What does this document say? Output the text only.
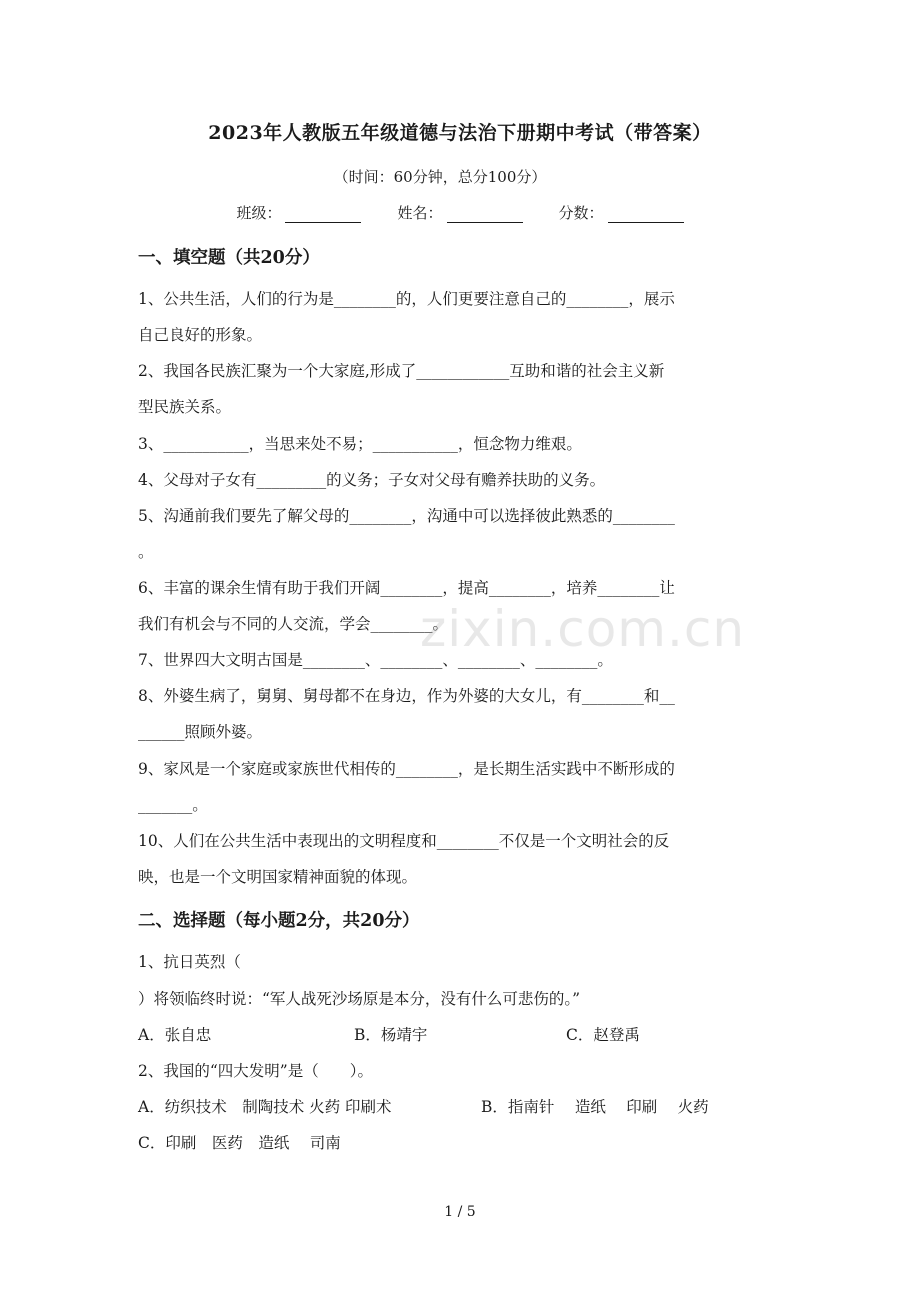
2023年人教版五年级道德与法治下册期中考试（带答案）
（时间：60分钟，总分100分）
班级：	姓名：	分数：
一、填空题（共20分）
1、公共生活，人们的行为是________的，人们更要注意自己的________，展示
自己良好的形象。
2、我国各民族汇聚为一个大家庭,形成了____________互助和谐的社会主义新
型民族关系。
3、___________，当思来处不易；___________，恒念物力维艰。
4、父母对子女有_________的义务；子女对父母有赡养扶助的义务。
5、沟通前我们要先了解父母的________，沟通中可以选择彼此熟悉的________
。
6、丰富的课余生情有助于我们开阔________，提高________，培养________让
我们有机会与不同的人交流，学会________。
7、世界四大文明古国是________、________、________、________。
8、外婆生病了，舅舅、舅母都不在身边，作为外婆的大女儿，有________和__
______照顾外婆。
9、家风是一个家庭或家族世代相传的________，是长期生活实践中不断形成的
_______。
10、人们在公共生活中表现出的文明程度和________不仅是一个文明社会的反
映，也是一个文明国家精神面貌的体现。
二、选择题（每小题2分，共20分）
1、抗日英烈（
）将领临终时说：“军人战死沙场原是本分，没有什么可悲伤的。”
A．张自忠	B．杨靖宇	C．赵登禹
2、我国的“四大发明”是（　　）。
A．纺织技术　制陶技术 火药 印刷术	B．指南针　 造纸　 印刷　 火药
C．印刷　医药　造纸　 司南
zixin.com.cn
1 / 5
